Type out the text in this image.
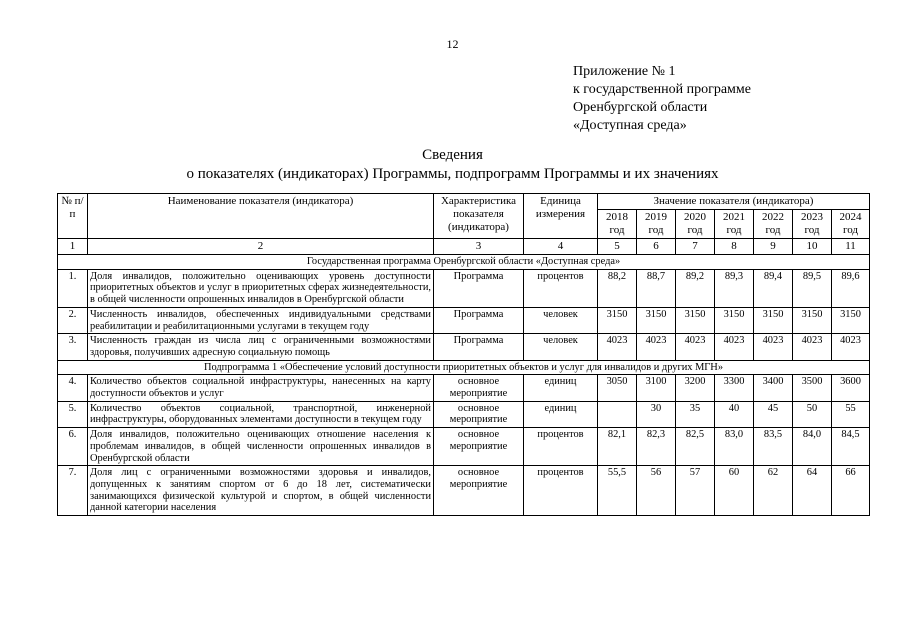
12
Приложение № 1
к государственной программе
Оренбургской области
«Доступная среда»
Сведения
о показателях (индикаторах) Программы, подпрограмм Программы и их значениях
№ п/п	Наименование показателя (индикатора)	Характеристика показателя (индикатора)	Единица измерения	Значение показателя (индикатора)						
				2018 год	2019 год	2020 год	2021 год	2022 год	2023 год	2024 год
1	2	3	4	5	6	7	8	9	10	11
Государственная программа Оренбургской области «Доступная среда»										
1.	Доля инвалидов, положительно оценивающих уровень доступности приоритетных объектов и услуг в приоритетных сферах жизнедеятельности, в общей численности опрошенных инвалидов в Оренбургской области	Программа	процентов	88,2	88,7	89,2	89,3	89,4	89,5	89,6
2.	Численность инвалидов, обеспеченных индивидуальными средствами реабилитации и реабилитационными услугами в текущем году	Программа	человек	3150	3150	3150	3150	3150	3150	3150
3.	Численность граждан из числа лиц с ограниченными возможностями здоровья, получивших адресную социальную помощь	Программа	человек	4023	4023	4023	4023	4023	4023	4023
Подпрограмма 1 «Обеспечение условий доступности приоритетных объектов и услуг для инвалидов и других МГН»										
4.	Количество объектов социальной инфраструктуры, нанесенных на карту доступности объектов и услуг	основное мероприятие	единиц	3050	3100	3200	3300	3400	3500	3600
5.	Количество объектов социальной, транспортной, инженерной инфраструктуры, оборудованных элементами доступности в текущем году	основное мероприятие	единиц		30	35	40	45	50	55
6.	Доля инвалидов, положительно оценивающих отношение населения к проблемам инвалидов, в общей численности опрошенных инвалидов в Оренбургской области	основное мероприятие	процентов	82,1	82,3	82,5	83,0	83,5	84,0	84,5
7.	Доля лиц с ограниченными возможностями здоровья и инвалидов, допущенных к занятиям спортом от 6 до 18 лет, систематически занимающихся физической культурой и спортом, в общей численности данной категории населения	основное мероприятие	процентов	55,5	56	57	60	62	64	66
